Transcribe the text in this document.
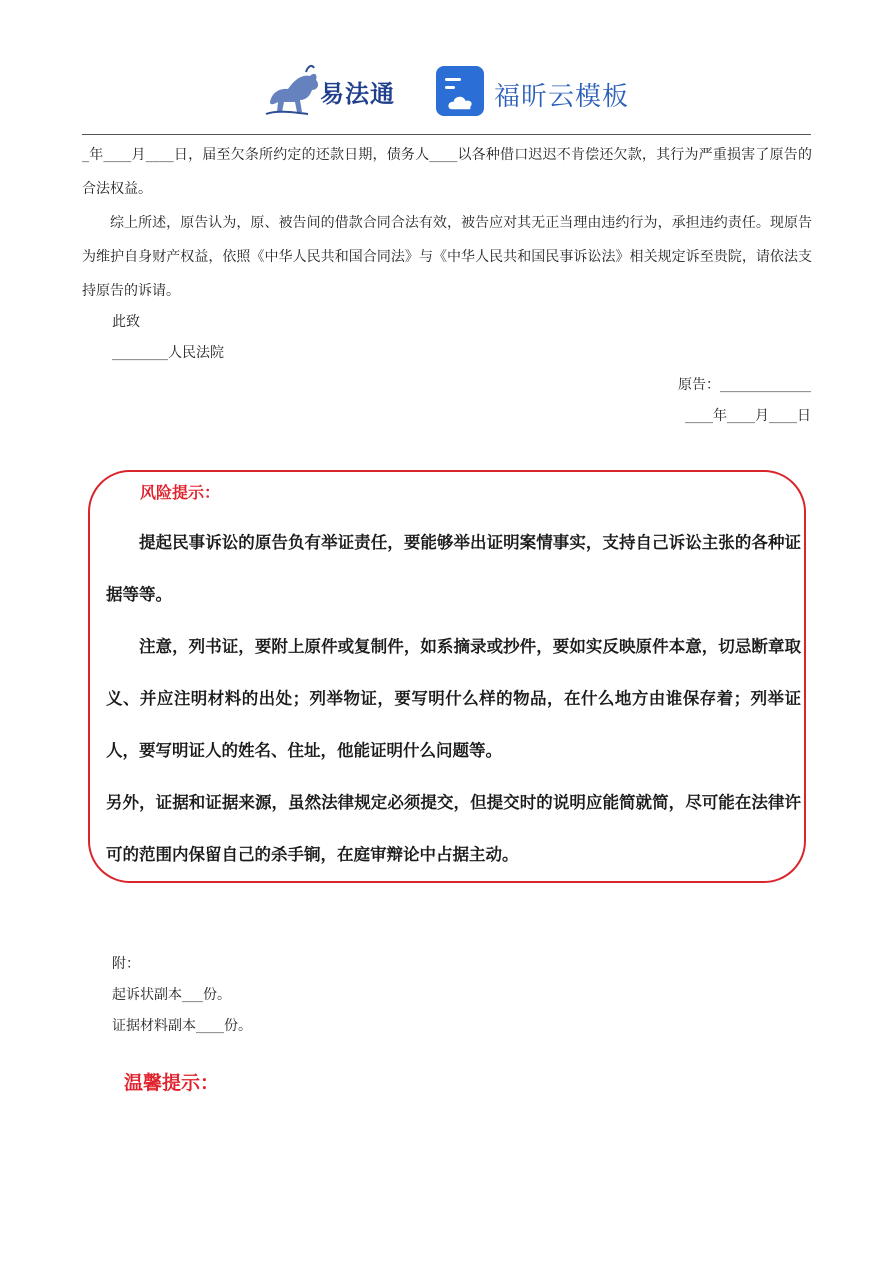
易法通	福昕云模板

_年____月____日，届至欠条所约定的还款日期，债务人____以各种借口迟迟不肯偿还欠款，其行为严重损害了原告的合法权益。

综上所述，原告认为，原、被告间的借款合同合法有效，被告应对其无正当理由违约行为，承担违约责任。现原告为维护自身财产权益，依照《中华人民共和国合同法》与《中华人民共和国民事诉讼法》相关规定诉至贵院，请依法支持原告的诉请。

此致
________人民法院
原告：_____________
____年____月____日
风险提示：

提起民事诉讼的原告负有举证责任，要能够举出证明案情事实，支持自己诉讼主张的各种证据等等。

注意，列书证，要附上原件或复制件，如系摘录或抄件，要如实反映原件本意，切忌断章取义、并应注明材料的出处；列举物证，要写明什么样的物品，在什么地方由谁保存着；列举证人，要写明证人的姓名、住址，他能证明什么问题等。

另外，证据和证据来源，虽然法律规定必须提交，但提交时的说明应能简就简，尽可能在法律许可的范围内保留自己的杀手锏，在庭审辩论中占据主动。

附：
起诉状副本___份。
证据材料副本____份。
温馨提示：
